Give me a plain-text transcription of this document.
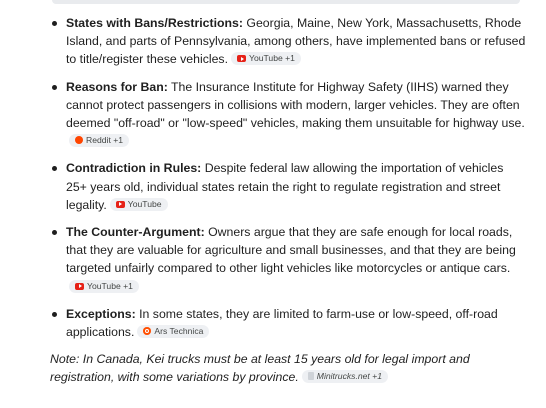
States with Bans/Restrictions: Georgia, Maine, New York, Massachusetts, Rhode Island, and parts of Pennsylvania, among others, have implemented bans or refused to title/register these vehicles. YouTube +1
Reasons for Ban: The Insurance Institute for Highway Safety (IIHS) warned they cannot protect passengers in collisions with modern, larger vehicles. They are often deemed "off-road" or "low-speed" vehicles, making them unsuitable for highway use.
Reddit +1
Contradiction in Rules: Despite federal law allowing the importation of vehicles 25+ years old, individual states retain the right to regulate registration and street legality. YouTube
The Counter-Argument: Owners argue that they are safe enough for local roads, that they are valuable for agriculture and small businesses, and that they are being targeted unfairly compared to other light vehicles like motorcycles or antique cars.
YouTube +1
Exceptions: In some states, they are limited to farm-use or low-speed, off-road applications. Ars Technica
Note: In Canada, Kei trucks must be at least 15 years old for legal import and registration, with some variations by province. Minitrucks.net +1
